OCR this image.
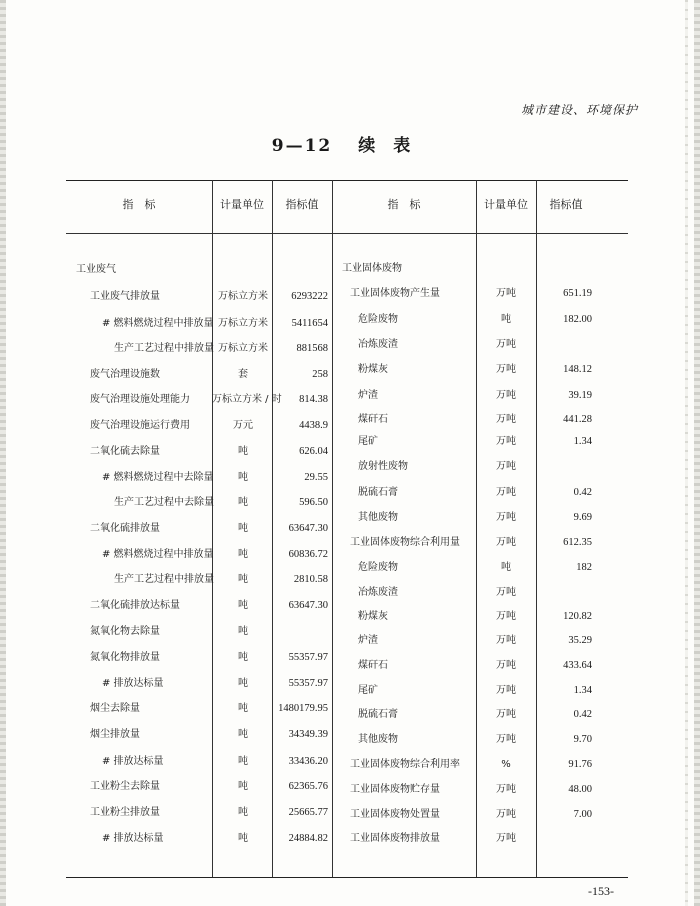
城市建设、环境保护
9—12 续表
指　标	计量单位	指标值	指　标	计量单位	指标值
工业废气
工业废气排放量	万标立方米	6293222
# 燃料燃烧过程中排放量 万标立方米	5411654
生产工艺过程中排放量 万标立方米	881568
废气治理设施数	套	258
废气治理设施处理能力 万标立方米 / 时	814.38
废气治理设施运行费用	万元	4438.9
二氧化硫去除量	吨	626.04
# 燃料燃烧过程中去除量	吨	29.55
生产工艺过程中去除量	吨	596.50
二氧化硫排放量	吨	63647.30
# 燃料燃烧过程中排放量	吨	60836.72
生产工艺过程中排放量	吨	2810.58
二氧化硫排放达标量	吨	63647.30
氮氧化物去除量	吨
氮氧化物排放量	吨	55357.97
# 排放达标量	吨	55357.97
烟尘去除量	吨	1480179.95
烟尘排放量	吨	34349.39
# 排放达标量	吨	33436.20
工业粉尘去除量	吨	62365.76
工业粉尘排放量	吨	25665.77
# 排放达标量	吨	24884.82
工业固体废物
工业固体废物产生量	万吨	651.19
危险废物	吨	182.00
冶炼废渣	万吨
粉煤灰	万吨	148.12
炉渣	万吨	39.19
煤矸石	万吨	441.28
尾矿	万吨	1.34
放射性废物	万吨
脱硫石膏	万吨	0.42
其他废物	万吨	9.69
工业固体废物综合利用量	万吨	612.35
危险废物	吨	182
冶炼废渣	万吨
粉煤灰	万吨	120.82
炉渣	万吨	35.29
煤矸石	万吨	433.64
尾矿	万吨	1.34
脱硫石膏	万吨	0.42
其他废物	万吨	9.70
工业固体废物综合利用率	%	91.76
工业固体废物贮存量	万吨	48.00
工业固体废物处置量	万吨	7.00
工业固体废物排放量	万吨
-153-
